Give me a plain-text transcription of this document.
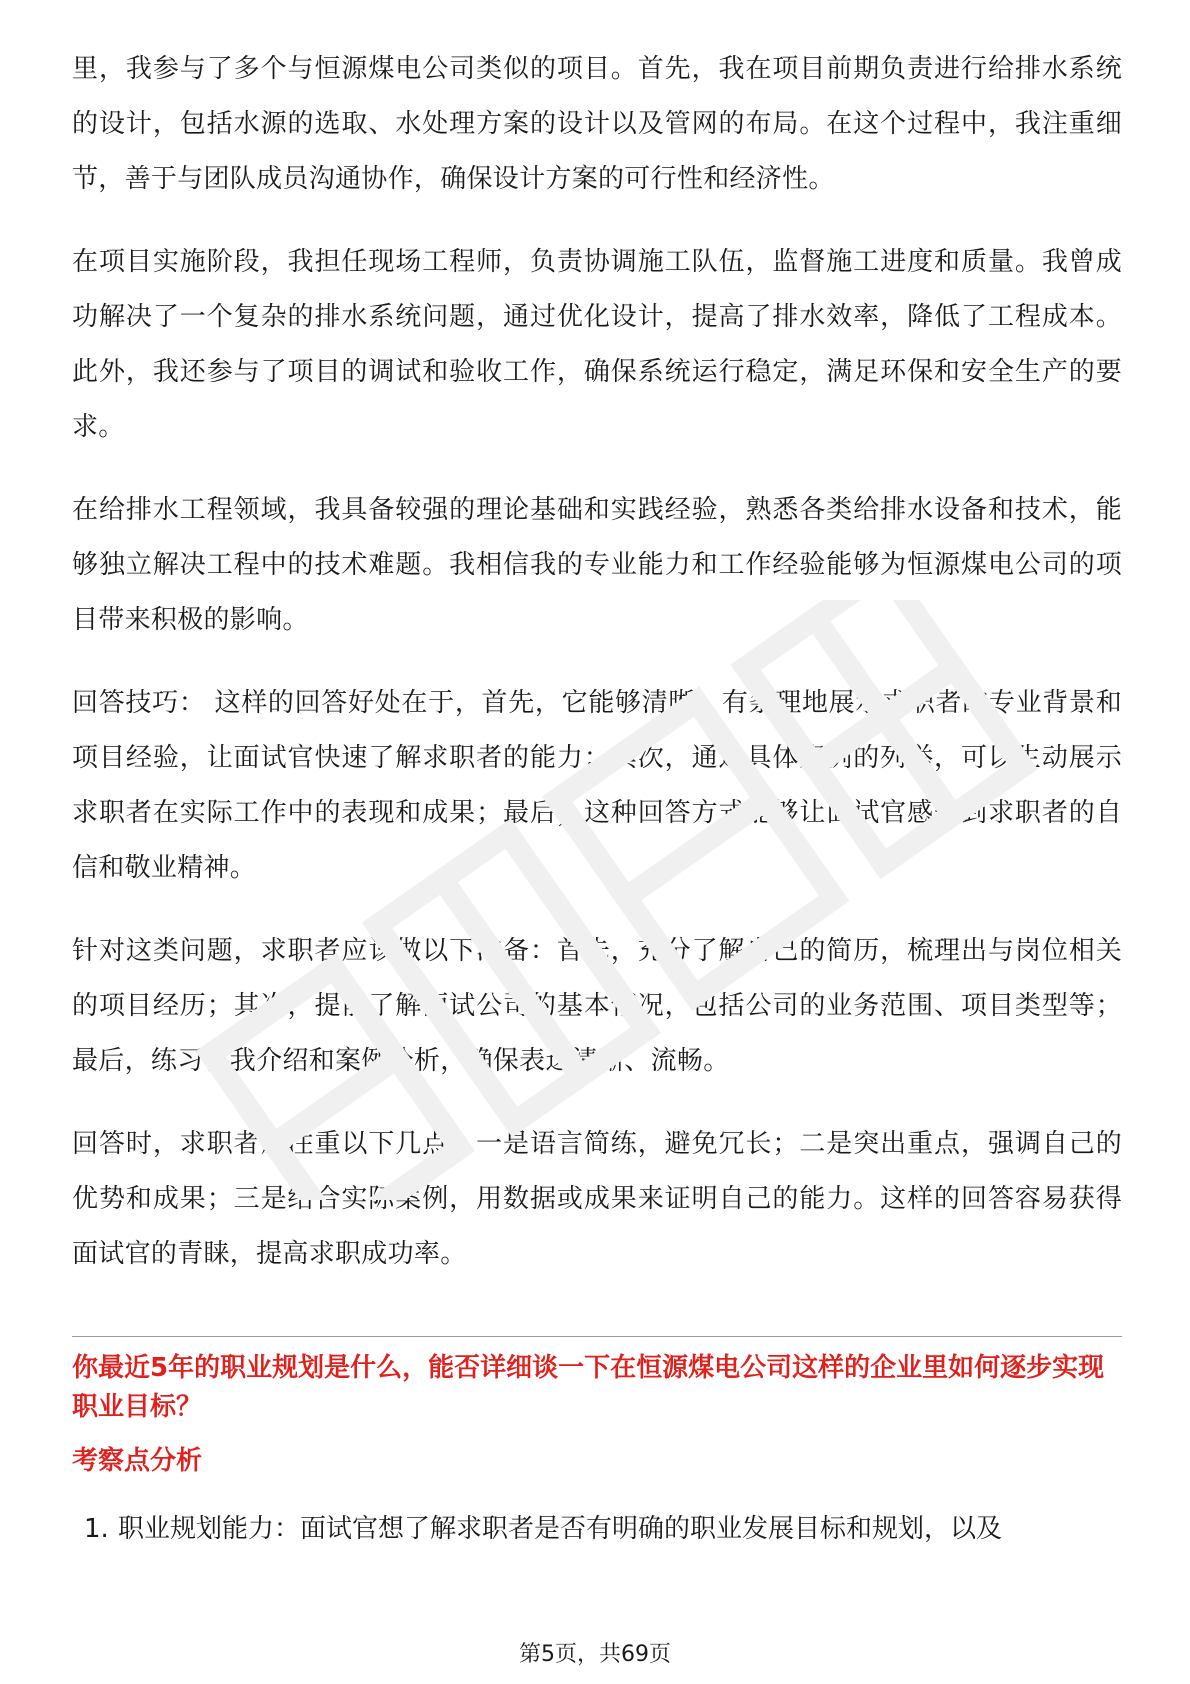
里，我参与了多个与恒源煤电公司类似的项目。首先，我在项目前期负责进行给排水系统的设计，包括水源的选取、水处理方案的设计以及管网的布局。在这个过程中，我注重细节，善于与团队成员沟通协作，确保设计方案的可行性和经济性。

在项目实施阶段，我担任现场工程师，负责协调施工队伍，监督施工进度和质量。我曾成功解决了一个复杂的排水系统问题，通过优化设计，提高了排水效率，降低了工程成本。此外，我还参与了项目的调试和验收工作，确保系统运行稳定，满足环保和安全生产的要求。

在给排水工程领域，我具备较强的理论基础和实践经验，熟悉各类给排水设备和技术，能够独立解决工程中的技术难题。我相信我的专业能力和工作经验能够为恒源煤电公司的项目带来积极的影响。

回答技巧： 这样的回答好处在于，首先，它能够清晰、有条理地展示求职者的专业背景和项目经验，让面试官快速了解求职者的能力；其次，通过具体案例的列举，可以生动展示求职者在实际工作中的表现和成果；最后，这种回答方式能够让面试官感受到求职者的自信和敬业精神。

针对这类问题，求职者应该做以下准备：首先，充分了解自己的简历，梳理出与岗位相关的项目经历；其次，提前了解面试公司的基本情况，包括公司的业务范围、项目类型等；最后，练习自我介绍和案例分析，确保表达清晰、流畅。

回答时，求职者应注重以下几点：一是语言简练，避免冗长；二是突出重点，强调自己的优势和成果；三是结合实际案例，用数据或成果来证明自己的能力。这样的回答容易获得面试官的青睐，提高求职成功率。

你最近5年的职业规划是什么，能否详细谈一下在恒源煤电公司这样的企业里如何逐步实现职业目标？
考察点分析
1. 职业规划能力：面试官想了解求职者是否有明确的职业发展目标和规划，以及
第5页，共69页
